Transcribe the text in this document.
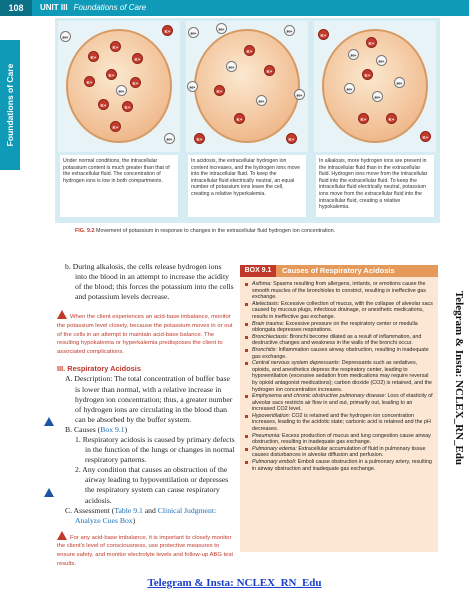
108	UNIT III Foundations of Care
Foundations of Care
K+
K+
K+
K+
K+
K+
K+	K+
K+
H+
H+
K+
H+
H+
H+	H+
H+
H+
H+
H+
K+
K+
K+
K+
K+
K+
H+
H+
H+
H+
H+
K+
K+	K+
K+
K+
K+
Under normal conditions, the intracellular potassium content is much greater than that of the extracellular fluid. The concentration of hydrogen ions is low in both compartments.
In acidosis, the extracellular hydrogen ion content increases, and the hydrogen ions move into the intracellular fluid. To keep the intracellular fluid electrically neutral, an equal number of potassium ions leave the cell, creating a relative hyperkalemia.
In alkalosis, more hydrogen ions are present in the intracellular fluid than in the extracellular fluid. Hydrogen ions move from the intracellular fluid into the extracellular fluid. To keep the intracellular fluid electrically neutral, potassium ions move from the extracellular fluid into the intracellular fluid, creating a relative hypokalemia.
FIG. 9.2 Movement of potassium in response to changes in the extracellular fluid hydrogen ion concentration.

b. During alkalosis, the cells release hydrogen ions into the blood in an attempt to increase the acidity of the blood; this forces the potassium into the cells and potassium levels decrease.

When the client experiences an acid-base imbalance, monitor the potassium level closely, because the potassium moves in or out of the cells in an attempt to maintain acid-base balance. The resulting hypokalemia or hyperkalemia predisposes the client to associated complications.

III. Respiratory Acidosis

A. Description: The total concentration of buffer base is lower than normal, with a relative increase in hydrogen ion concentration; thus, a greater number of hydrogen ions are circulating in the blood than can be absorbed by the buffer system.

B. Causes (Box 9.1)

1. Respiratory acidosis is caused by primary defects in the function of the lungs or changes in normal respiratory patterns.

2. Any condition that causes an obstruction of the airway leading to hypoventilation or depresses the respiratory system can cause respiratory acidosis.

C. Assessment (Table 9.1 and Clinical Judgment: Analyze Cues Box)

For any acid-base imbalance, it is important to closely monitor the client's level of consciousness, use protective measures to ensure safety, and monitor electrolyte levels and follow-up ABG test results.

BOX 9.1	Causes of Respiratory Acidosis
Asthma: Spasms resulting from allergens, irritants, or emotions cause the smooth muscles of the bronchioles to constrict, resulting in ineffective gas exchange.
Atelectasis: Excessive collection of mucus, with the collapse of alveolar sacs caused by mucous plugs, infectious drainage, or anesthetic medications, results in ineffective gas exchange.
Brain trauma: Excessive pressure on the respiratory center or medulla oblongata depresses respirations.
Bronchiectasis: Bronchi become dilated as a result of inflammation, and destructive changes and weakness in the walls of the bronchi occur.
Bronchitis: Inflammation causes airway obstruction, resulting in inadequate gas exchange.
Central nervous system depressants: Depressants such as sedatives, opioids, and anesthetics depress the respiratory center, leading to hypoventilation (excessive sedation from medications may require reversal by opioid antagonist medications); carbon dioxide (CO2) is retained, and the hydrogen ion concentration increases.
Emphysema and chronic obstructive pulmonary disease: Loss of elasticity of alveolar sacs restricts air flow in and out, primarily out, leading to an increased CO2 level.
Hypoventilation: CO2 is retained and the hydrogen ion concentration increases, leading to the acidotic state; carbonic acid is retained and the pH decreases.
Pneumonia: Excess production of mucus and lung congestion cause airway obstruction, resulting in inadequate gas exchange.
Pulmonary edema: Extracellular accumulation of fluid in pulmonary tissue causes disturbances in alveolar diffusion and perfusion.
Pulmonary emboli: Emboli cause obstruction in a pulmonary artery, resulting in airway obstruction and inadequate gas exchange.
Telegram & Insta: NCLEX_RN_Edu
Telegram & Insta: NCLEX_RN_Edu
